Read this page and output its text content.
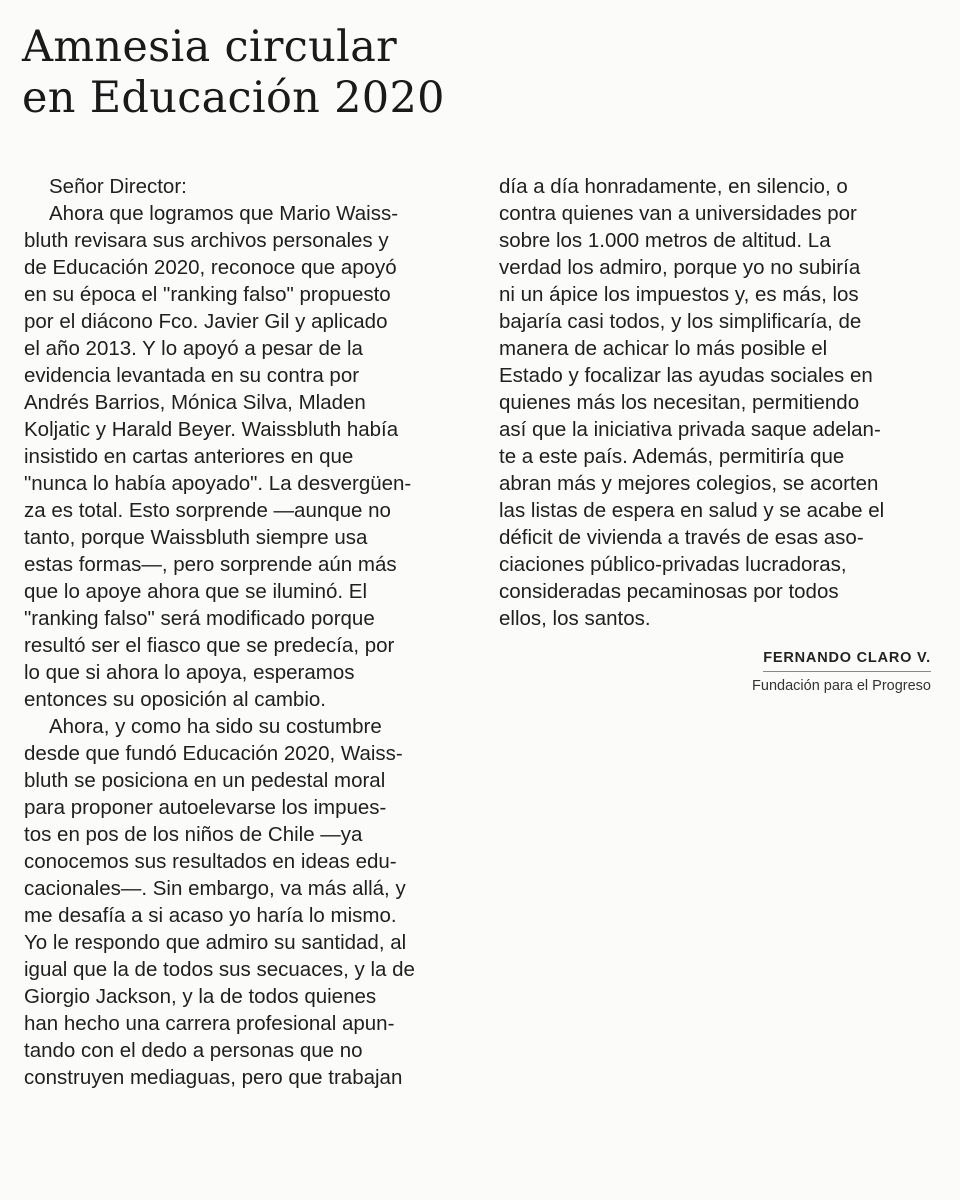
Amnesia circular
en Educación 2020
Señor Director:
Ahora que logramos que Mario Waiss-
bluth revisara sus archivos personales y
de Educación 2020, reconoce que apoyó
en su época el "ranking falso" propuesto
por el diácono Fco. Javier Gil y aplicado
el año 2013. Y lo apoyó a pesar de la
evidencia levantada en su contra por
Andrés Barrios, Mónica Silva, Mladen
Koljatic y Harald Beyer. Waissbluth había
insistido en cartas anteriores en que
"nunca lo había apoyado". La desvergüen-
za es total. Esto sorprende —aunque no
tanto, porque Waissbluth siempre usa
estas formas—, pero sorprende aún más
que lo apoye ahora que se iluminó. El
"ranking falso" será modificado porque
resultó ser el fiasco que se predecía, por
lo que si ahora lo apoya, esperamos
entonces su oposición al cambio.
Ahora, y como ha sido su costumbre
desde que fundó Educación 2020, Waiss-
bluth se posiciona en un pedestal moral
para proponer autoelevarse los impues-
tos en pos de los niños de Chile —ya
conocemos sus resultados en ideas edu-
cacionales—. Sin embargo, va más allá, y
me desafía a si acaso yo haría lo mismo.
Yo le respondo que admiro su santidad, al
igual que la de todos sus secuaces, y la de
Giorgio Jackson, y la de todos quienes
han hecho una carrera profesional apun-
tando con el dedo a personas que no
construyen mediaguas, pero que trabajan
día a día honradamente, en silencio, o
contra quienes van a universidades por
sobre los 1.000 metros de altitud. La
verdad los admiro, porque yo no subiría
ni un ápice los impuestos y, es más, los
bajaría casi todos, y los simplificaría, de
manera de achicar lo más posible el
Estado y focalizar las ayudas sociales en
quienes más los necesitan, permitiendo
así que la iniciativa privada saque adelan-
te a este país. Además, permitiría que
abran más y mejores colegios, se acorten
las listas de espera en salud y se acabe el
déficit de vivienda a través de esas aso-
ciaciones público-privadas lucradoras,
consideradas pecaminosas por todos
ellos, los santos.
FERNANDO CLARO V.
Fundación para el Progreso
